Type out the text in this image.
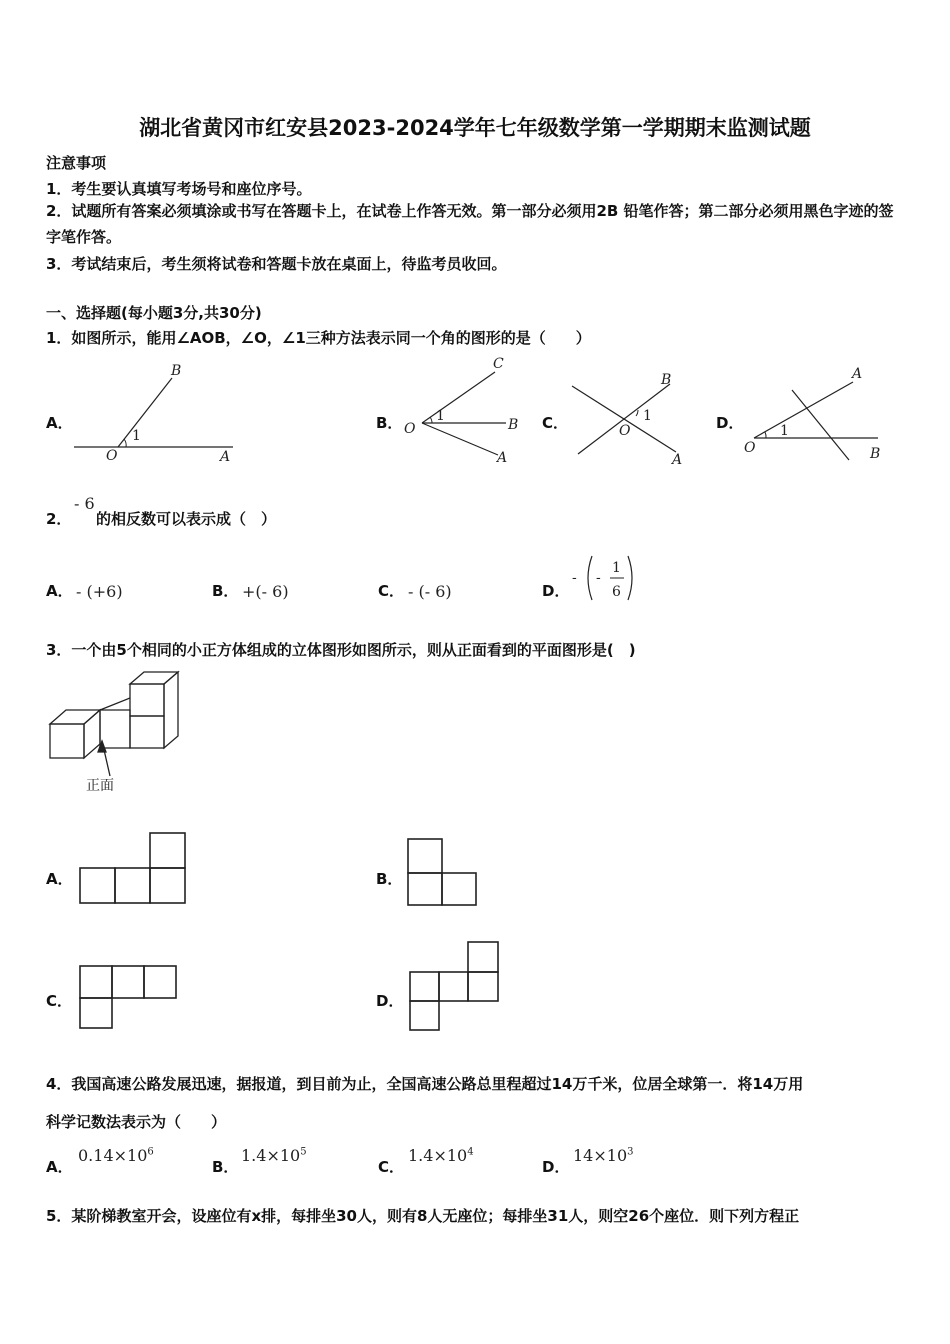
湖北省黄冈市红安县2023-2024学年七年级数学第一学期期末监测试题
注意事项
1．考生要认真填写考场号和座位序号。
2．试题所有答案必须填涂或书写在答题卡上，在试卷上作答无效。第一部分必须用2B 铅笔作答；第二部分必须用黑色字迹的签字笔作答。
3．考试结束后，考生须将试卷和答题卡放在桌面上，待监考员收回。
一、选择题(每小题3分,共30分)
1．如图所示，能用∠AOB，∠O，∠1三种方法表示同一个角的图形的是（　　）
A．
B
1
O	A
B．
C
O
1
B
A
C．
B
1
O
A
D．
A
1
O	B
2．
- 6
的相反数可以表示成（　）
A． - (+6)	B． +(- 6)	C． - (- 6)	D．
- -
1
6
3．一个由5个相同的小正方体组成的立体图形如图所示，则从正面看到的平面图形是(　)
正面
A．	B．
C．	D．
4．我国高速公路发展迅速，据报道，到目前为止，全国高速公路总里程超过14万千米，位居全球第一．将14万用
科学记数法表示为（　　）
A．
$0.14\times 10^6$
B．
$1.4\times 10^5$
C．
$1.4\times 10^4$
D．
$14\times 10^3$
5．某阶梯教室开会，设座位有x排，每排坐30人，则有8人无座位；每排坐31人，则空26个座位．则下列方程正
